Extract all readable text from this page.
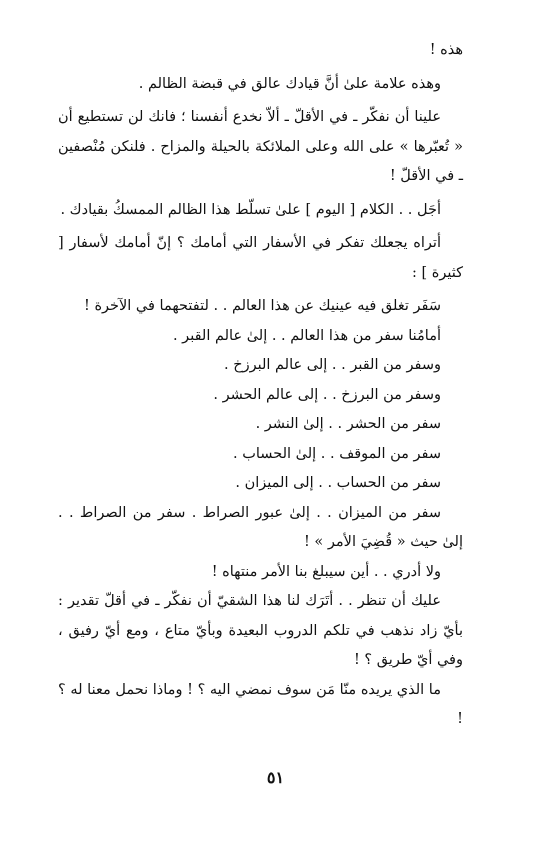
هذه !

وهذه علامة علىٰ أنَّ قيادك عالق في قبضة الظالم .

علينا أن نفكّر ـ في الأقلّ ـ ألاّ نخدع أنفسنا ؛ فانك لن تستطيع أن « تُعبّرها » على الله وعلى الملائكة بالحيلة والمزاح . فلنكن مُنْصفين ـ في الأقلّ !

أجَل . . الكلام [ اليوم ] علىٰ تسلّط هذا الظالم الممسكُ بقيادك .

أتراه يجعلك تفكر في الأسفار التي أمامك ؟ إنّ أمامك لأسفار [ كثيرة ] :

سَفَر تغلق فيه عينيك عن هذا العالم . . لتفتحهما في الآخرة !

أمامُنا سفر من هذا العالم . . إلىٰ عالم القبر .

وسفر من القبر . . إلى عالم البرزخ .

وسفر من البرزخ . . إلى عالم الحشر .

سفر من الحشر . . إلىٰ النشر .

سفر من الموقف . . إلىٰ الحساب .

سفر من الحساب . . إلى الميزان .

سفر من الميزان . . إلىٰ عبور الصراط . سفر من الصراط . . إلىٰ حيث « قُضِيَ الأمر » !

ولا أدري . . أين سيبلغ بنا الأمر منتهاه !

عليك أن تنظر . . أتَرَك لنا هذا الشقيّ أن نفكّر ـ في أقلّ تقدير : بأيّ زاد نذهب في تلكم الدروب البعيدة وبأيّ متاع ، ومع أيّ رفيق ، وفي أيّ طريق ؟ !

ما الذي يريده منّا مَن سوف نمضي اليه ؟ ! وماذا نحمل معنا له ؟ !

٥١
